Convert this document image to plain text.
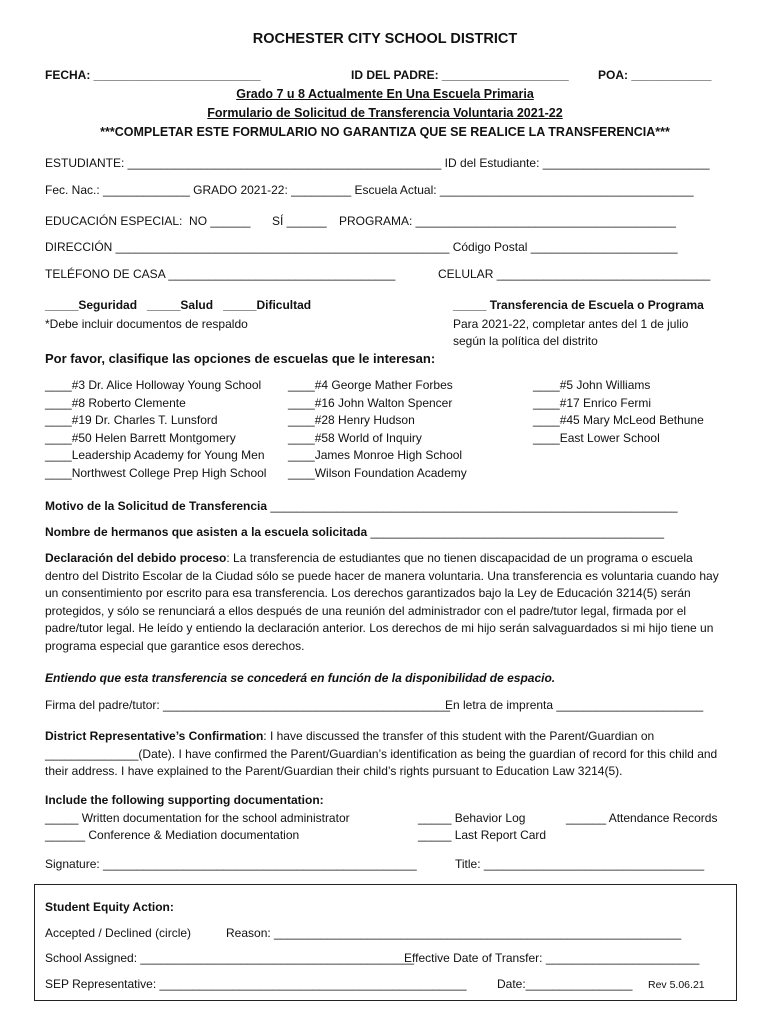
ROCHESTER CITY SCHOOL DISTRICT
FECHA: _________________________	ID DEL PADRE: ___________________ POA: ____________
Grado 7 u 8 Actualmente En Una Escuela Primaria
Formulario de Solicitud de Transferencia Voluntaria 2021-22
***COMPLETAR ESTE FORMULARIO NO GARANTIZA QUE SE REALICE LA TRANSFERENCIA***
ESTUDIANTE: _______________________________________________ ID del Estudiante: _________________________
Fec. Nac.: _____________ GRADO 2021-22: _________ Escuela Actual: ______________________________________
EDUCACIÓN ESPECIAL:  NO ______ SÍ ______ PROGRAMA: _______________________________________
DIRECCIÓN __________________________________________________ Código Postal ______________________
TELÉFONO DE CASA __________________________________	CELULAR ________________________________
_____Seguridad   _____Salud   _____Dificultad
*Debe incluir documentos de respaldo
_____ Transferencia de Escuela o Programa
Para 2021-22, completar antes del 1 de julio
según la política del distrito
Por favor, clasifique las opciones de escuelas que le interesan:
____#3 Dr. Alice Holloway Young School
____#8 Roberto Clemente
____#19 Dr. Charles T. Lunsford
____#50 Helen Barrett Montgomery
____Leadership Academy for Young Men
____Northwest College Prep High School
____#4 George Mather Forbes
____#16 John Walton Spencer
____#28 Henry Hudson
____#58 World of Inquiry
____James Monroe High School
____Wilson Foundation Academy
____#5 John Williams
____#17 Enrico Fermi
____#45 Mary McLeod Bethune
____East Lower School
Motivo de la Solicitud de Transferencia _____________________________________________________________
Nombre de hermanos que asisten a la escuela solicitada ____________________________________________
Declaración del debido proceso: La transferencia de estudiantes que no tienen discapacidad de un programa o escuela dentro del Distrito Escolar de la Ciudad sólo se puede hacer de manera voluntaria. Una transferencia es voluntaria cuando hay un consentimiento por escrito para esa transferencia. Los derechos garantizados bajo la Ley de Educación 3214(5) serán protegidos, y sólo se renunciará a ellos después de una reunión del administrador con el padre/tutor legal, firmada por el padre/tutor legal. He leído y entiendo la declaración anterior. Los derechos de mi hijo serán salvaguardados si mi hijo tiene un programa especial que garantice esos derechos.
Entiendo que esta transferencia se concederá en función de la disponibilidad de espacio.
Firma del padre/tutor: ___________________________________________
En letra de imprenta ______________________
District Representative’s Confirmation: I have discussed the transfer of this student with the Parent/Guardian on ______________(Date). I have confirmed the Parent/Guardian’s identification as being the guardian of record for this child and their address. I have explained to the Parent/Guardian their child’s rights pursuant to Education Law 3214(5).
Include the following supporting documentation:
_____ Written documentation for the school administrator
______ Conference & Mediation documentation
_____ Behavior Log
_____ Last Report Card
______ Attendance Records
Signature: _______________________________________________	Title: _________________________________
Student Equity Action:
Accepted / Declined (circle)	Reason: _____________________________________________________________
School Assigned: _________________________________________
Effective Date of Transfer: _______________________
SEP Representative: ______________________________________________	Date:________________ Rev 5.06.21
